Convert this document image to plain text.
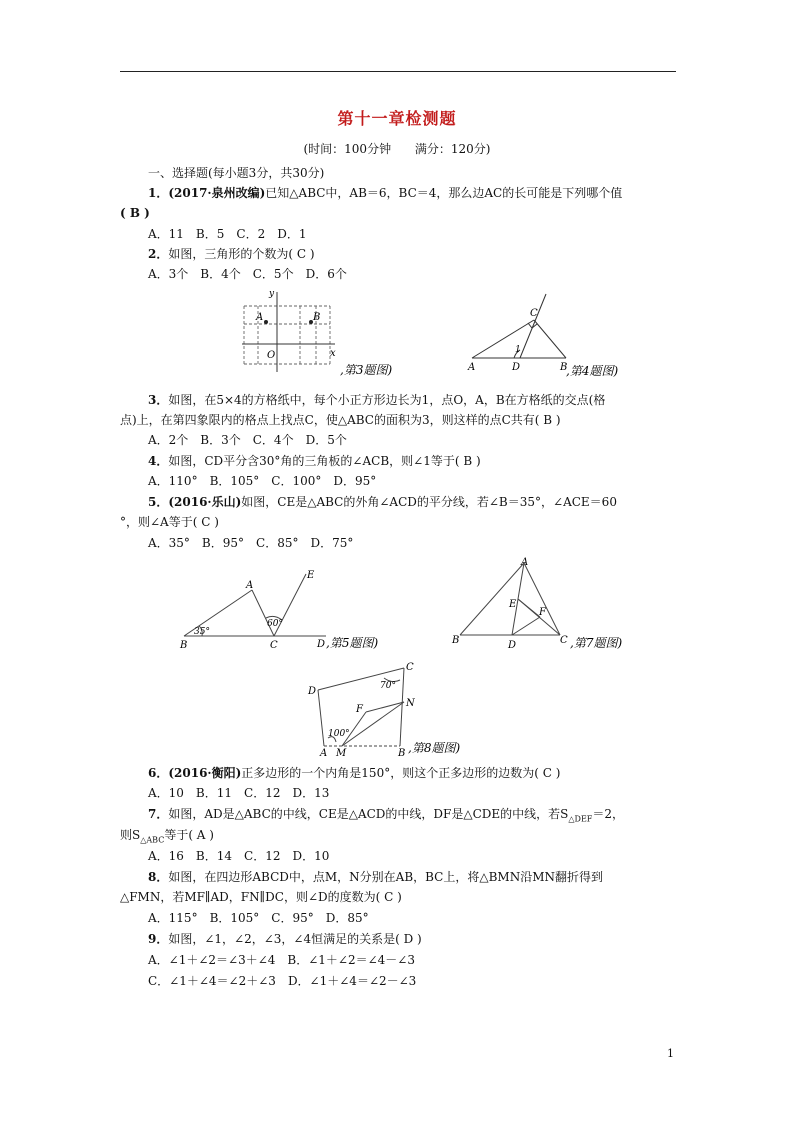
第十一章检测题
(时间：100分钟 满分：120分)
一、选择题(每小题3分，共30分)
1．(2017·泉州改编)已知△ABC中，AB＝6，BC＝4，那么边AC的长可能是下列哪个值
( B )
A．11　B．5　C．2　D．1
2．如图，三角形的个数为( C )
A．3个　B．4个　C．5个　D．6个
y
x
O
A	B
,第3题图)	A	B
C
D
1
,第4题图)
3．如图，在5×4的方格纸中，每个小正方形边长为1，点O，A，B在方格纸的交点(格
点)上，在第四象限内的格点上找点C，使△ABC的面积为3，则这样的点C共有( B )
A．2个　B．3个　C．4个　D．5个
4．如图，CD平分含30°角的三角板的∠ACB，则∠1等于( B )
A．110°　B．105°　C．100°　D．95°
5．(2016·乐山)如图，CE是△ABC的外角∠ACD的平分线，若∠B＝35°，∠ACE＝60
°，则∠A等于( C )
A．35°　B．95°　C．85°　D．75°
B
A
C
E
35°
60°
D ,第5题图)
A
B	C
D
E
F
,第7题图)
C
D
N
F
A M	B
70°
100°
,第8题图)
6．(2016·衡阳)正多边形的一个内角是150°，则这个正多边形的边数为( C )
A．10　B．11　C．12　D．13
7．如图，AD是△ABC的中线，CE是△ACD的中线，DF是△CDE的中线，若$S_{\triangle DEF}=2$，
则$S_{\triangle ABC}$等于( A )
A．16　B．14　C．12　D．10
8．如图，在四边形ABCD中，点M，N分别在AB，BC上，将△BMN沿MN翻折得到
△FMN，若MF∥AD，FN∥DC，则∠D的度数为( C )
A．115°　B．105°　C．95°　D．85°
9．如图，∠1，∠2，∠3，∠4恒满足的关系是( D )
A．∠1＋∠2＝∠3＋∠4　B．∠1＋∠2＝∠4－∠3
C．∠1＋∠4＝∠2＋∠3　D．∠1＋∠4＝∠2－∠3
1
